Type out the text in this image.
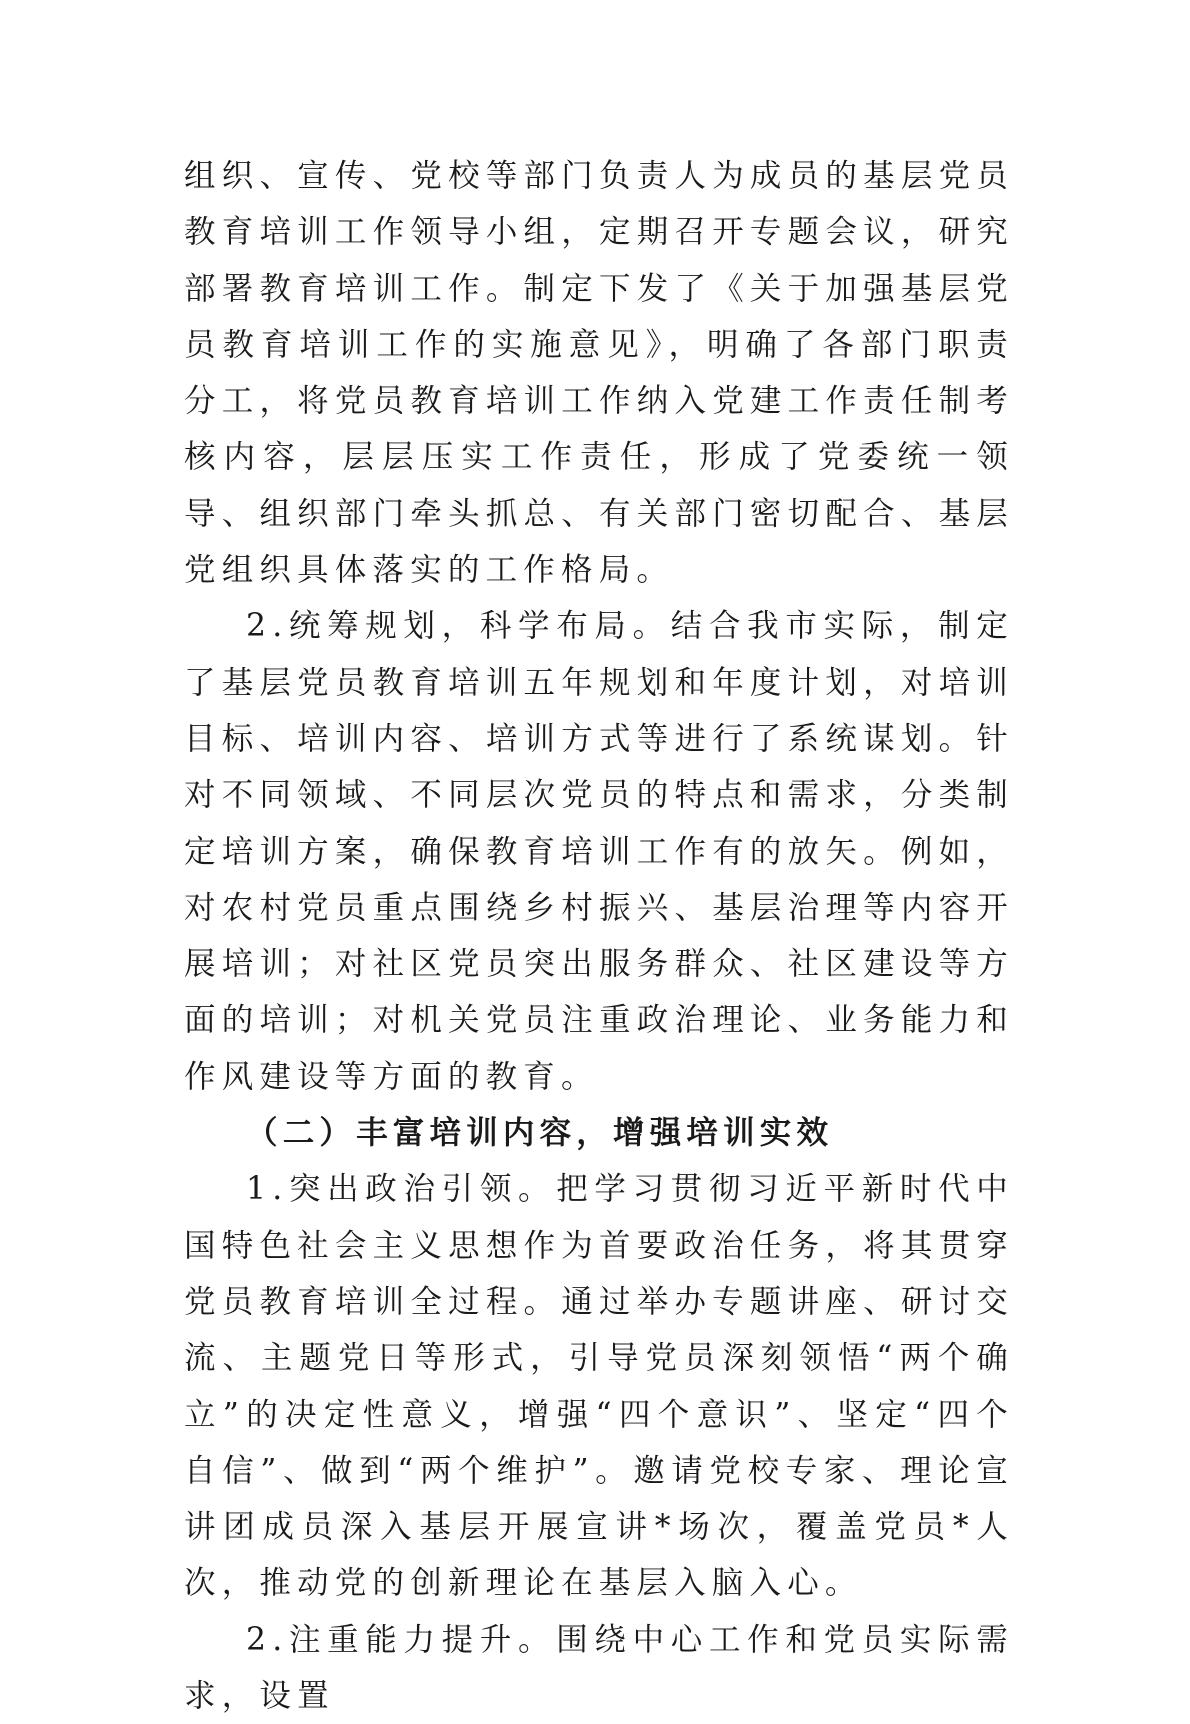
组织、宣传、党校等部门负责人为成员的基层党员教育培训工作领导小组，定期召开专题会议，研究部署教育培训工作。制定下发了《关于加强基层党员教育培训工作的实施意见》，明确了各部门职责分工，将党员教育培训工作纳入党建工作责任制考核内容，层层压实工作责任，形成了党委统一领导、组织部门牵头抓总、有关部门密切配合、基层党组织具体落实的工作格局。

2.统筹规划，科学布局。结合我市实际，制定了基层党员教育培训五年规划和年度计划，对培训目标、培训内容、培训方式等进行了系统谋划。针对不同领域、不同层次党员的特点和需求，分类制定培训方案，确保教育培训工作有的放矢。例如，对农村党员重点围绕乡村振兴、基层治理等内容开展培训；对社区党员突出服务群众、社区建设等方面的培训；对机关党员注重政治理论、业务能力和作风建设等方面的教育。

（二）丰富培训内容，增强培训实效

1.突出政治引领。把学习贯彻习近平新时代中国特色社会主义思想作为首要政治任务，将其贯穿党员教育培训全过程。通过举办专题讲座、研讨交流、主题党日等形式，引导党员深刻领悟“两个确立”的决定性意义，增强“四个意识”、坚定“四个自信”、做到“两个维护”。邀请党校专家、理论宣讲团成员深入基层开展宣讲*场次，覆盖党员*人次，推动党的创新理论在基层入脑入心。

2.注重能力提升。围绕中心工作和党员实际需求，设置
